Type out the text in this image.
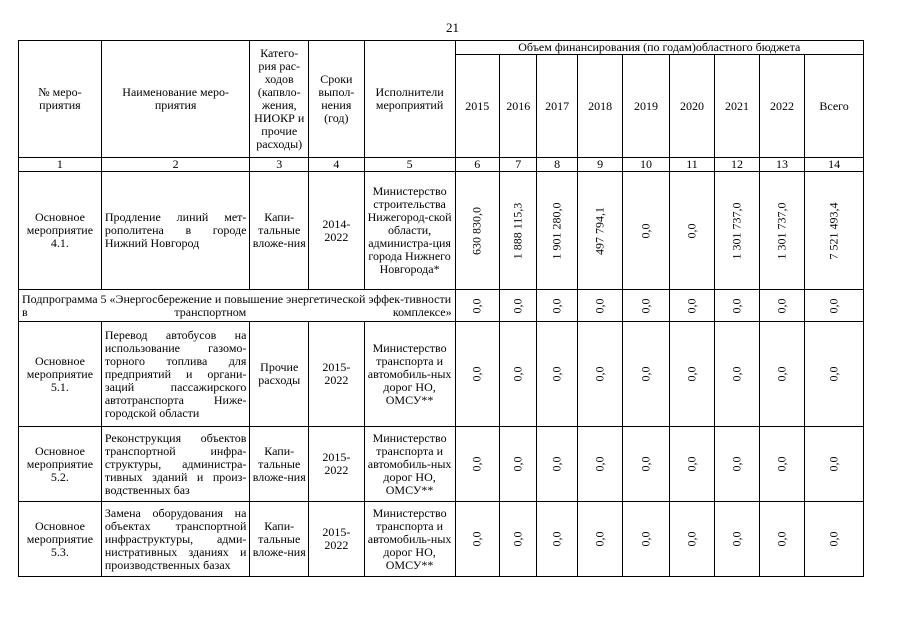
21
№ меро-приятия	Наименование меро-приятия	Катего-рия рас-ходов (капвло-жения, НИОКР и прочие расходы)	Сроки выпол-нения (год)	Исполнители мероприятий	Объем финансирования (по годам)областного бюджета								
					2015	2016	2017	2018	2019	2020	2021	2022	Всего
1	2	3	4	5	6	7	8	9	10	11	12	13	14
Основное мероприятие 4.1.	Продление линий мет-рополитена в городе Нижний Новгород	Капи-тальные вложе-ния	2014-2022	Министерство строительства Нижегород-ской области, администра-ция города Нижнего Новгорода*	630 830,0	1 888 115,3	1 901 280,0	497 794,1	0,0	0,0	1 301 737,0	1 301 737,0	7 521 493,4

Подпрограмма 5 «Энергосбережение и повышение энергетической эффек-тивности в транспортном комплексе»					0,0	0,0	0,0	0,0	0,0	0,0	0,0	0,0	0,0

Основное мероприятие 5.1.	Перевод автобусов на использование газомо-торного топлива для предприятий и органи-заций пассажирского автотранспорта Ниже-городской области	Прочие расходы	2015-2022	Министерство транспорта и автомобиль-ных дорог НО, ОМСУ**	0,0	0,0	0,0	0,0	0,0	0,0	0,0	0,0	0,0

Основное мероприятие 5.2.	Реконструкция объектов транспортной инфра-структуры, администра-тивных зданий и произ-водственных баз	Капи-тальные вложе-ния	2015-2022	Министерство транспорта и автомобиль-ных дорог НО, ОМСУ**	0,0	0,0	0,0	0,0	0,0	0,0	0,0	0,0	0,0

Основное мероприятие 5.3.	Замена оборудования на объектах транспортной инфраструктуры, адми-нистративных зданиях и производственных базах	Капи-тальные вложе-ния	2015-2022	Министерство транспорта и автомобиль-ных дорог НО, ОМСУ**	0,0	0,0	0,0	0,0	0,0	0,0	0,0	0,0	0,0
